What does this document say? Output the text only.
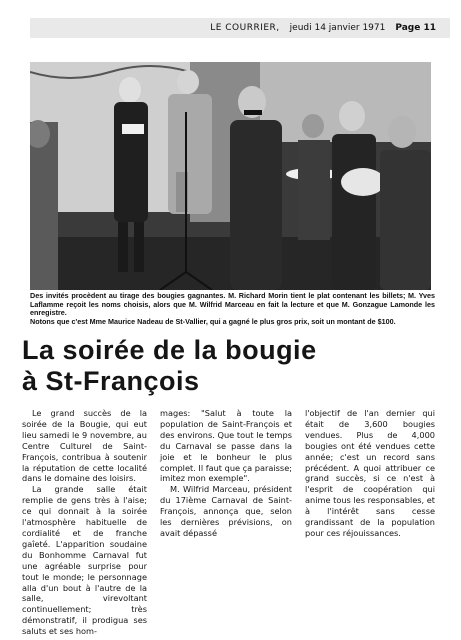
LE COURRIER, jeudi 14 janvier 1971 Page 11

Des invités procèdent au tirage des bougies gagnantes. M. Richard Morin tient le plat contenant les billets; M. Yves Laflamme reçoit les noms choisis, alors que M. Wilfrid Marceau en fait la lecture et que M. Gonzague Lamonde les enregistre.

Notons que c'est Mme Maurice Nadeau de St-Vallier, qui a gagné le plus gros prix, soit un montant de $100.

La soirée de la bougie
à St-François

Le grand succès de la soirée de la Bougie, qui eut lieu samedi le 9 novembre, au Centre Culturel de Saint-François, contribua à soutenir la réputation de cette localité dans le domaine des loisirs.

La grande salle était remplie de gens très à l'aise; ce qui donnait à la soirée l'atmosphère habituelle de cordialité et de franche gaîeté. L'apparition soudaine du Bonhomme Carnaval fut une agréable surprise pour tout le monde; le personnage alla d'un bout à l'autre de la salle, virevoltant continuellement; très démonstratif, il prodigua ses saluts et ses hom-

mages: "Salut à toute la population de Saint-François et des environs. Que tout le temps du Carnaval se passe dans la joie et le bonheur le plus complet. Il faut que ça paraisse; imitez mon exemple".

M. Wilfrid Marceau, président du 17ième Carnaval de Saint-François, annonça que, selon les dernières prévisions, on avait dépassé

l'objectif de l'an dernier qui était de 3,600 bougies vendues. Plus de 4,000 bougies ont été vendues cette année; c'est un record sans précédent. A quoi attribuer ce grand succès, si ce n'est à l'esprit de coopération qui anime tous les responsables, et à l'intérêt sans cesse grandissant de la population pour ces réjouissances.
